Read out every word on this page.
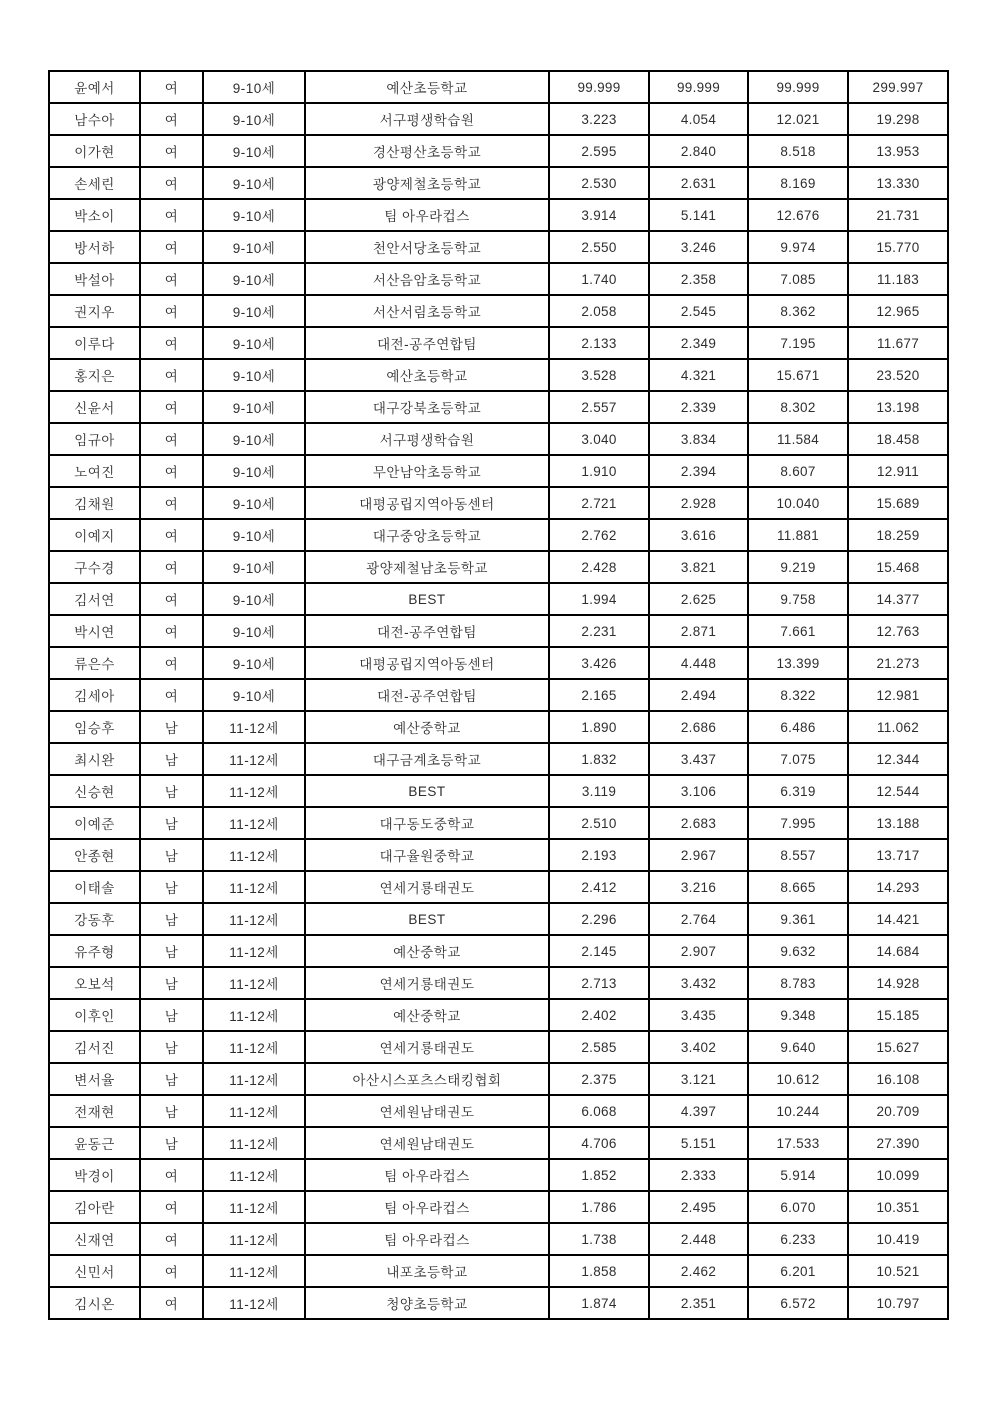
윤예서	여	9-10세	예산초등학교	99.999	99.999	99.999	299.997
남수아	여	9-10세	서구평생학습원	3.223	4.054	12.021	19.298
이가현	여	9-10세	경산평산초등학교	2.595	2.840	8.518	13.953
손세린	여	9-10세	광양제철초등학교	2.530	2.631	8.169	13.330
박소이	여	9-10세	팀 아우라컵스	3.914	5.141	12.676	21.731
방서하	여	9-10세	천안서당초등학교	2.550	3.246	9.974	15.770
박설아	여	9-10세	서산음암초등학교	1.740	2.358	7.085	11.183
권지우	여	9-10세	서산서림초등학교	2.058	2.545	8.362	12.965
이루다	여	9-10세	대전-공주연합팀	2.133	2.349	7.195	11.677
홍지은	여	9-10세	예산초등학교	3.528	4.321	15.671	23.520
신윤서	여	9-10세	대구강북초등학교	2.557	2.339	8.302	13.198
임규아	여	9-10세	서구평생학습원	3.040	3.834	11.584	18.458
노여진	여	9-10세	무안남악초등학교	1.910	2.394	8.607	12.911
김채원	여	9-10세	대평공립지역아동센터	2.721	2.928	10.040	15.689
이예지	여	9-10세	대구중앙초등학교	2.762	3.616	11.881	18.259
구수경	여	9-10세	광양제철남초등학교	2.428	3.821	9.219	15.468
김서연	여	9-10세	BEST	1.994	2.625	9.758	14.377
박시연	여	9-10세	대전-공주연합팀	2.231	2.871	7.661	12.763
류은수	여	9-10세	대평공립지역아동센터	3.426	4.448	13.399	21.273
김세아	여	9-10세	대전-공주연합팀	2.165	2.494	8.322	12.981
임승후	남	11-12세	예산중학교	1.890	2.686	6.486	11.062
최시완	남	11-12세	대구금계초등학교	1.832	3.437	7.075	12.344
신승현	남	11-12세	BEST	3.119	3.106	6.319	12.544
이예준	남	11-12세	대구동도중학교	2.510	2.683	7.995	13.188
안종현	남	11-12세	대구율원중학교	2.193	2.967	8.557	13.717
이태솔	남	11-12세	연세거룡태권도	2.412	3.216	8.665	14.293
강동후	남	11-12세	BEST	2.296	2.764	9.361	14.421
유주형	남	11-12세	예산중학교	2.145	2.907	9.632	14.684
오보석	남	11-12세	연세거룡태권도	2.713	3.432	8.783	14.928
이후인	남	11-12세	예산중학교	2.402	3.435	9.348	15.185
김서진	남	11-12세	연세거룡태권도	2.585	3.402	9.640	15.627
변서율	남	11-12세	아산시스포츠스태킹협회	2.375	3.121	10.612	16.108
전재현	남	11-12세	연세원남태권도	6.068	4.397	10.244	20.709
윤동근	남	11-12세	연세원남태권도	4.706	5.151	17.533	27.390
박경이	여	11-12세	팀 아우라컵스	1.852	2.333	5.914	10.099
김아란	여	11-12세	팀 아우라컵스	1.786	2.495	6.070	10.351
신재연	여	11-12세	팀 아우라컵스	1.738	2.448	6.233	10.419
신민서	여	11-12세	내포초등학교	1.858	2.462	6.201	10.521
김시온	여	11-12세	청양초등학교	1.874	2.351	6.572	10.797
